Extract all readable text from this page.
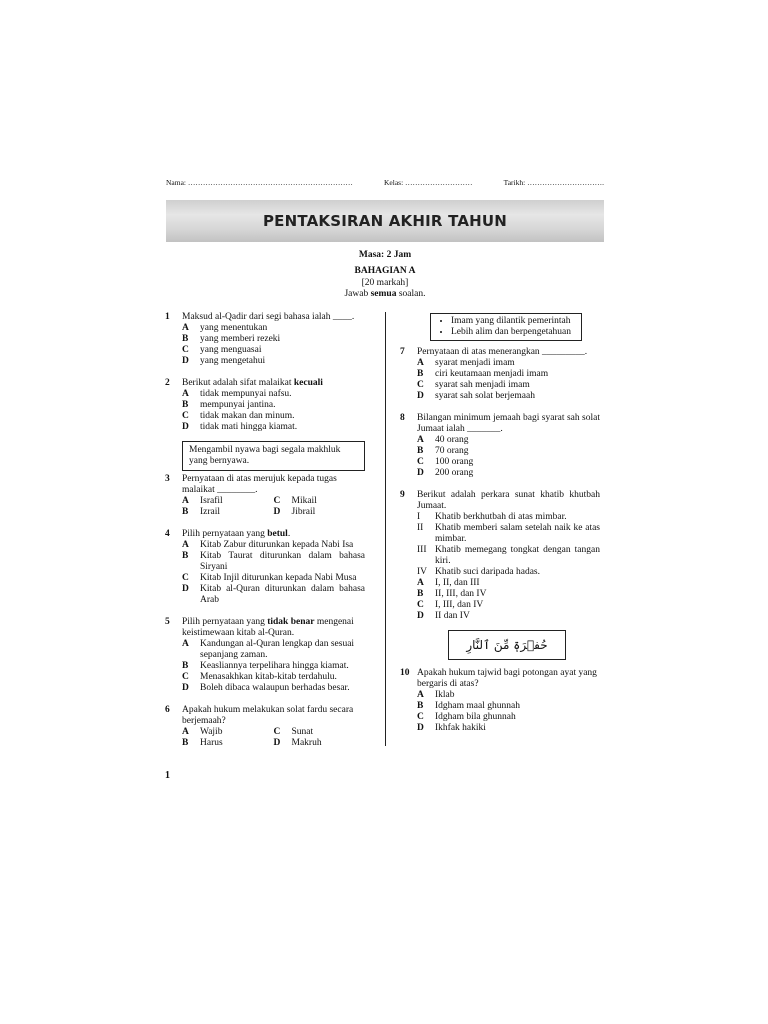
Nama: …………………………………………………………	Kelas: ………………………	Tarikh: ………………………….
PENTAKSIRAN AKHIR TAHUN
Masa: 2 Jam
BAHAGIAN A
[20 markah]
Jawab semua soalan.
1 Maksud al-Qadir dari segi bahasa ialah ____.
A yang menentukan
B yang memberi rezeki
C yang menguasai
D yang mengetahui
2 Berikut adalah sifat malaikat kecuali
A tidak mempunyai nafsu.
B mempunyai jantina.
C tidak makan dan minum.
D tidak mati hingga kiamat.
Mengambil nyawa bagi segala makhluk yang bernyawa.
3 Pernyataan di atas merujuk kepada tugas malaikat ________.
A Israfil	C Mikail
B Izrail	D Jibrail
4 Pilih pernyataan yang betul.
A Kitab Zabur diturunkan kepada Nabi Isa
B Kitab Taurat diturunkan dalam bahasa Siryani
C Kitab Injil diturunkan kepada Nabi Musa
D Kitab al-Quran diturunkan dalam bahasa Arab
5 Pilih pernyataan yang tidak benar mengenai keistimewaan kitab al-Quran.
A Kandungan al-Quran lengkap dan sesuai sepanjang zaman.
B Keasliannya terpelihara hingga kiamat.
C Menasakhkan kitab-kitab terdahulu.
D Boleh dibaca walaupun berhadas besar.
6 Apakah hukum melakukan solat fardu secara berjemaah?
A Wajib	C Sunat
B Harus	D Makruh
• Imam yang dilantik pemerintah
• Lebih alim dan berpengetahuan
7 Pernyataan di atas menerangkan _________.
A syarat menjadi imam
B ciri keutamaan menjadi imam
C syarat sah menjadi imam
D syarat sah solat berjemaah
8 Bilangan minimum jemaah bagi syarat sah solat Jumaat ialah _______.
A 40 orang
B 70 orang
C 100 orang
D 200 orang
9 Berikut adalah perkara sunat khatib khutbah Jumaat.
I Khatib berkhutbah di atas mimbar.
II Khatib memberi salam setelah naik ke atas mimbar.
III Khatib memegang tongkat dengan tangan kiri.
IV Khatib suci daripada hadas.
A I, II, dan III
B II, III, dan IV
C I, III, dan IV
D II dan IV
حُفۡرَةٖ مِّنَ ٱلنَّارِ
10 Apakah hukum tajwid bagi potongan ayat yang bergaris di atas?
A Iklab
B Idgham maal ghunnah
C Idgham bila ghunnah
D Ikhfak hakiki
1
